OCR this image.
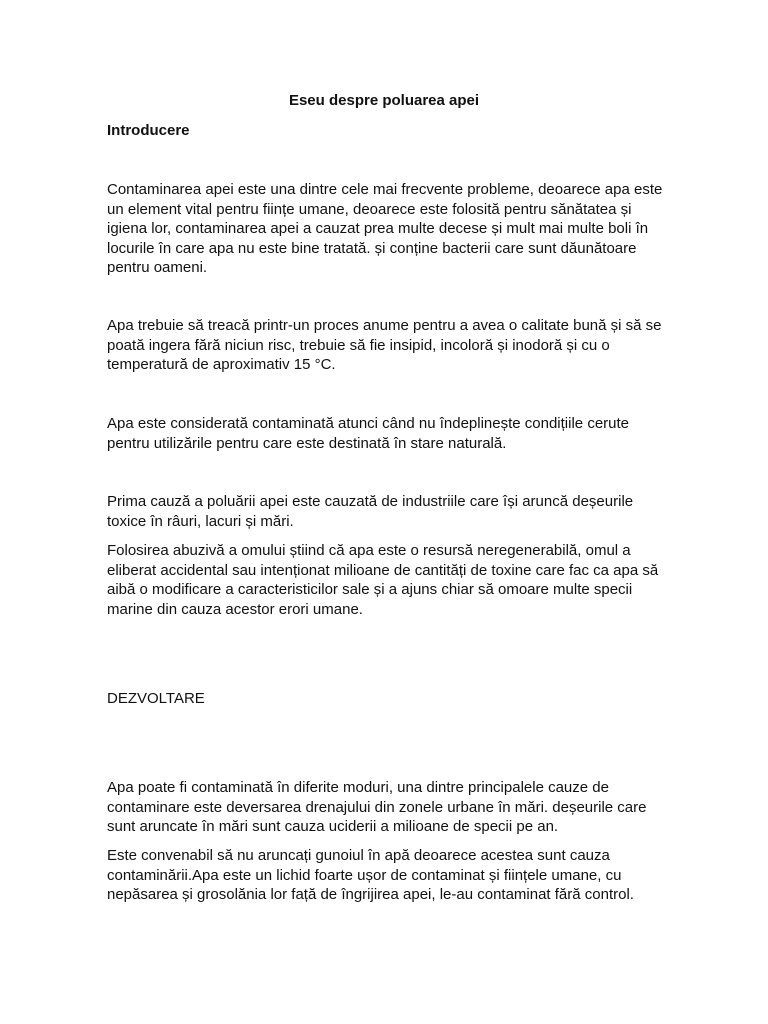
Eseu despre poluarea apei

Introducere

Contaminarea apei este una dintre cele mai frecvente probleme, deoarece apa este un element vital pentru ființe umane, deoarece este folosită pentru sănătatea și igiena lor, contaminarea apei a cauzat prea multe decese și mult mai multe boli în locurile în care apa nu este bine tratată. și conține bacterii care sunt dăunătoare pentru oameni.

Apa trebuie să treacă printr-un proces anume pentru a avea o calitate bună și să se poată ingera fără niciun risc, trebuie să fie insipid, incoloră și inodoră și cu o temperatură de aproximativ 15 °C.

Apa este considerată contaminată atunci când nu îndeplinește condițiile cerute pentru utilizările pentru care este destinată în stare naturală.

Prima cauză a poluării apei este cauzată de industriile care își aruncă deșeurile toxice în râuri, lacuri și mări.

Folosirea abuzivă a omului știind că apa este o resursă neregenerabilă, omul a eliberat accidental sau intenționat milioane de cantități de toxine care fac ca apa să aibă o modificare a caracteristicilor sale și a ajuns chiar să omoare multe specii marine din cauza acestor erori umane.

DEZVOLTARE

Apa poate fi contaminată în diferite moduri, una dintre principalele cauze de contaminare este deversarea drenajului din zonele urbane în mări. deșeurile care sunt aruncate în mări sunt cauza uciderii a milioane de specii pe an.

Este convenabil să nu aruncați gunoiul în apă deoarece acestea sunt cauza contaminării.Apa este un lichid foarte ușor de contaminat și ființele umane, cu nepăsarea și grosolănia lor față de îngrijirea apei, le-au contaminat fără control.
